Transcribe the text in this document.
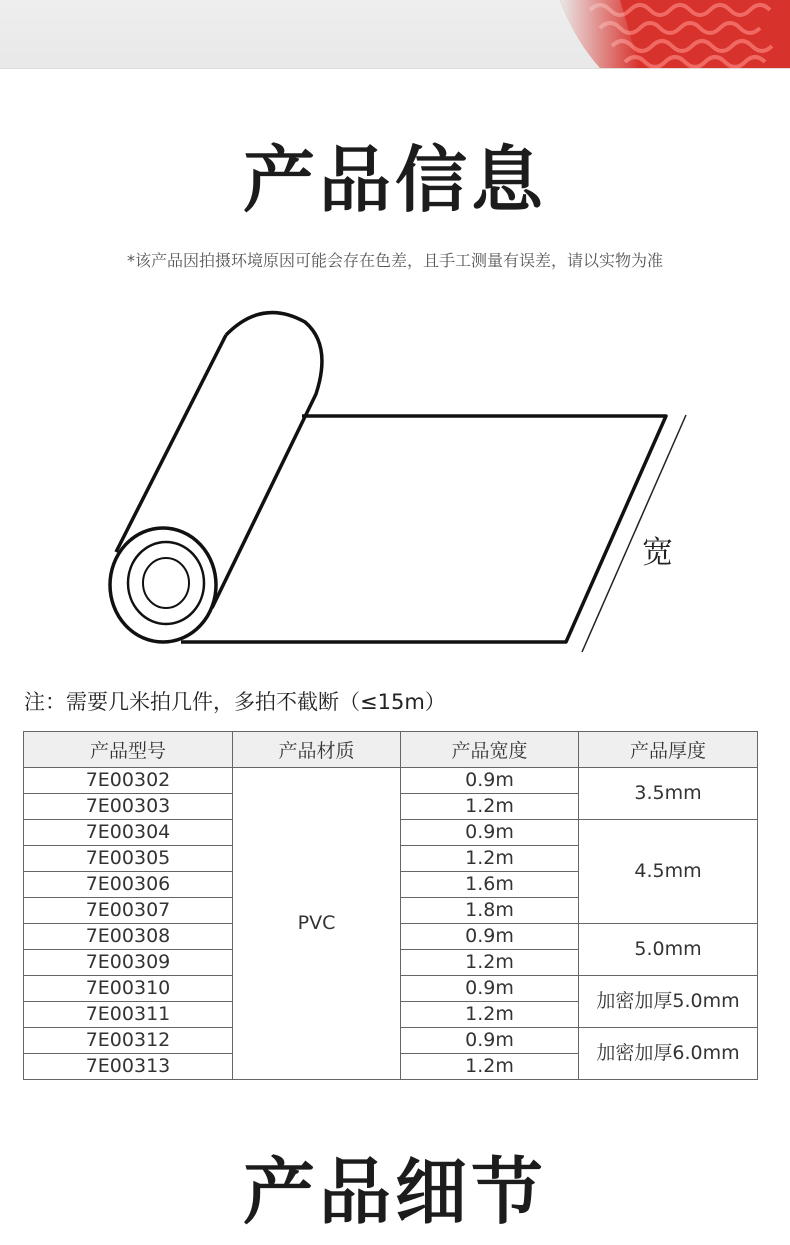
产品信息
*该产品因拍摄环境原因可能会存在色差，且手工测量有误差，请以实物为准
宽
注：需要几米拍几件，多拍不截断（≤15m）
产品型号	产品材质	产品宽度	产品厚度
7E00302	PVC	0.9m	3.5mm
7E00303		1.2m	
7E00304		0.9m	4.5mm
7E00305		1.2m	
7E00306		1.6m	
7E00307		1.8m	
7E00308		0.9m	5.0mm
7E00309		1.2m	
7E00310		0.9m	加密加厚5.0mm
7E00311		1.2m	
7E00312		0.9m	加密加厚6.0mm
7E00313		1.2m	
产品细节
